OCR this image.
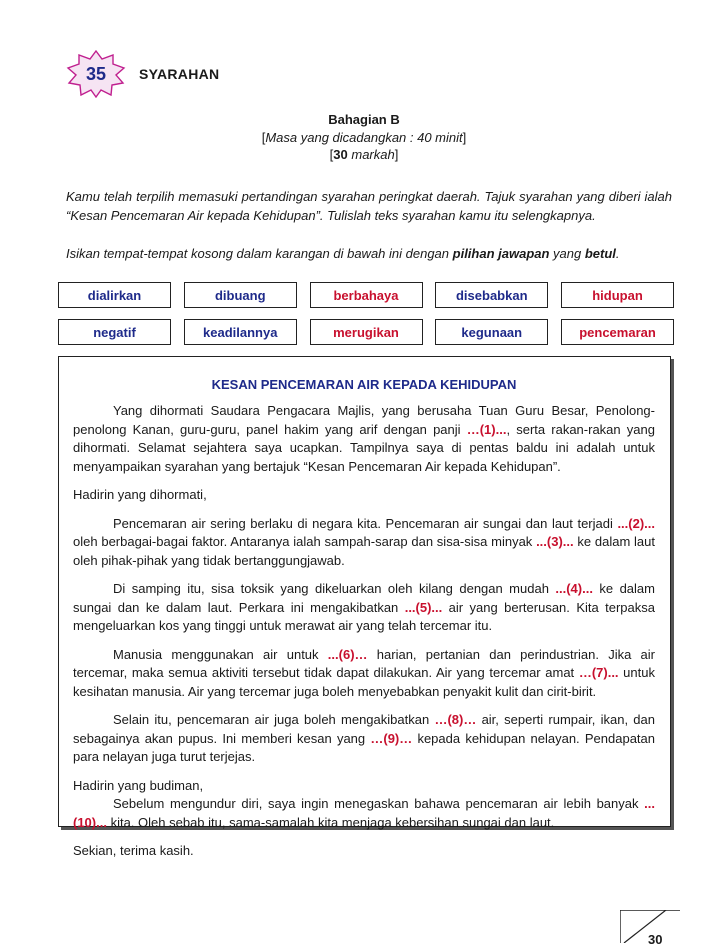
35	SYARAHAN
Bahagian B
[Masa yang dicadangkan : 40 minit]
[30 markah]
Kamu telah terpilih memasuki pertandingan syarahan peringkat daerah. Tajuk syarahan yang diberi ialah “Kesan Pencemaran Air kepada Kehidupan”. Tulislah teks syarahan kamu itu selengkapnya.
Isikan tempat-tempat kosong dalam karangan di bawah ini dengan pilihan jawapan yang betul.
dialirkan	dibuang	berbahaya	disebabkan	hidupan
negatif	keadilannya	merugikan	kegunaan	pencemaran
KESAN PENCEMARAN AIR KEPADA KEHIDUPAN

Yang dihormati Saudara Pengacara Majlis, yang berusaha Tuan Guru Besar, Penolong-penolong Kanan, guru-guru, panel hakim yang arif dengan panji …(1)..., serta rakan-rakan yang dihormati. Selamat sejahtera saya ucapkan. Tampilnya saya di pentas baldu ini adalah untuk menyampaikan syarahan yang bertajuk “Kesan Pencemaran Air kepada Kehidupan”.

Hadirin yang dihormati,

Pencemaran air sering berlaku di negara kita. Pencemaran air sungai dan laut terjadi ...(2)... oleh berbagai-bagai faktor. Antaranya ialah sampah-sarap dan sisa-sisa minyak ...(3)... ke dalam laut oleh pihak-pihak yang tidak bertanggungjawab.

Di samping itu, sisa toksik yang dikeluarkan oleh kilang dengan mudah ...(4)... ke dalam sungai dan ke dalam laut. Perkara ini mengakibatkan ...(5)... air yang berterusan. Kita terpaksa mengeluarkan kos yang tinggi untuk merawat air yang telah tercemar itu.

Manusia menggunakan air untuk ...(6)… harian, pertanian dan perindustrian. Jika air tercemar, maka semua aktiviti tersebut tidak dapat dilakukan. Air yang tercemar amat …(7)... untuk kesihatan manusia. Air yang tercemar juga boleh menyebabkan penyakit kulit dan cirit-birit.

Selain itu, pencemaran air juga boleh mengakibatkan …(8)… air, seperti rumpair, ikan, dan sebagainya akan pupus. Ini memberi kesan yang …(9)… kepada kehidupan nelayan. Pendapatan para nelayan juga turut terjejas.

Hadirin yang budiman,

Sebelum mengundur diri, saya ingin menegaskan bahawa pencemaran air lebih banyak ...(10)... kita. Oleh sebab itu, sama-samalah kita menjaga kebersihan sungai dan laut.

Sekian, terima kasih.

30
